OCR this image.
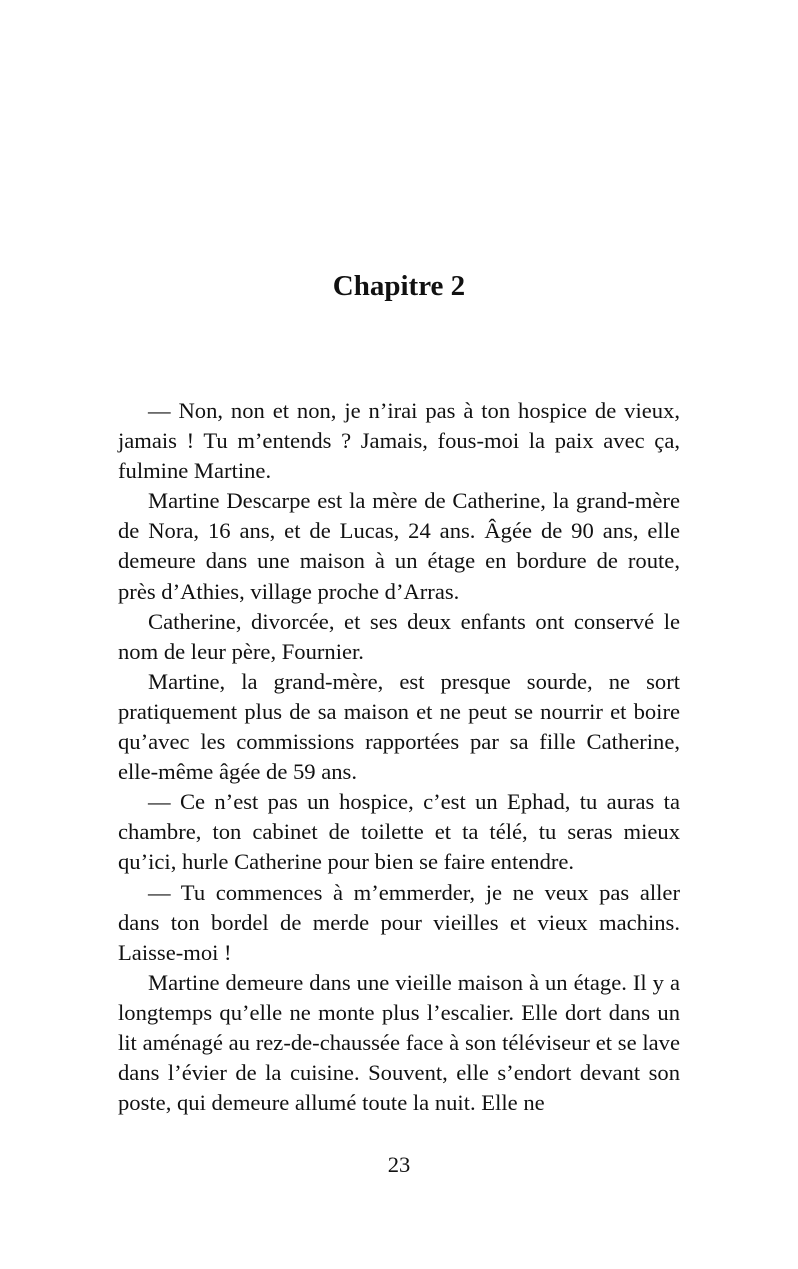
Chapitre 2

— Non, non et non, je n’irai pas à ton hospice de vieux, jamais ! Tu m’entends ? Jamais, fous-moi la paix avec ça, fulmine Martine.

Martine Descarpe est la mère de Catherine, la grand-mère de Nora, 16 ans, et de Lucas, 24 ans. Âgée de 90 ans, elle demeure dans une maison à un étage en bordure de route, près d’Athies, village proche d’Arras.

Catherine, divorcée, et ses deux enfants ont conservé le nom de leur père, Fournier.

Martine, la grand-mère, est presque sourde, ne sort pratiquement plus de sa maison et ne peut se nourrir et boire qu’avec les commissions rapportées par sa fille Catherine, elle-même âgée de 59 ans.

— Ce n’est pas un hospice, c’est un Ephad, tu auras ta chambre, ton cabinet de toilette et ta télé, tu seras mieux qu’ici, hurle Catherine pour bien se faire entendre.

— Tu commences à m’emmerder, je ne veux pas aller dans ton bordel de merde pour vieilles et vieux machins. Laisse-moi !

Martine demeure dans une vieille maison à un étage. Il y a longtemps qu’elle ne monte plus l’escalier. Elle dort dans un lit aménagé au rez-de-chaussée face à son téléviseur et se lave dans l’évier de la cuisine. Souvent, elle s’endort devant son poste, qui demeure allumé toute la nuit. Elle ne

23
